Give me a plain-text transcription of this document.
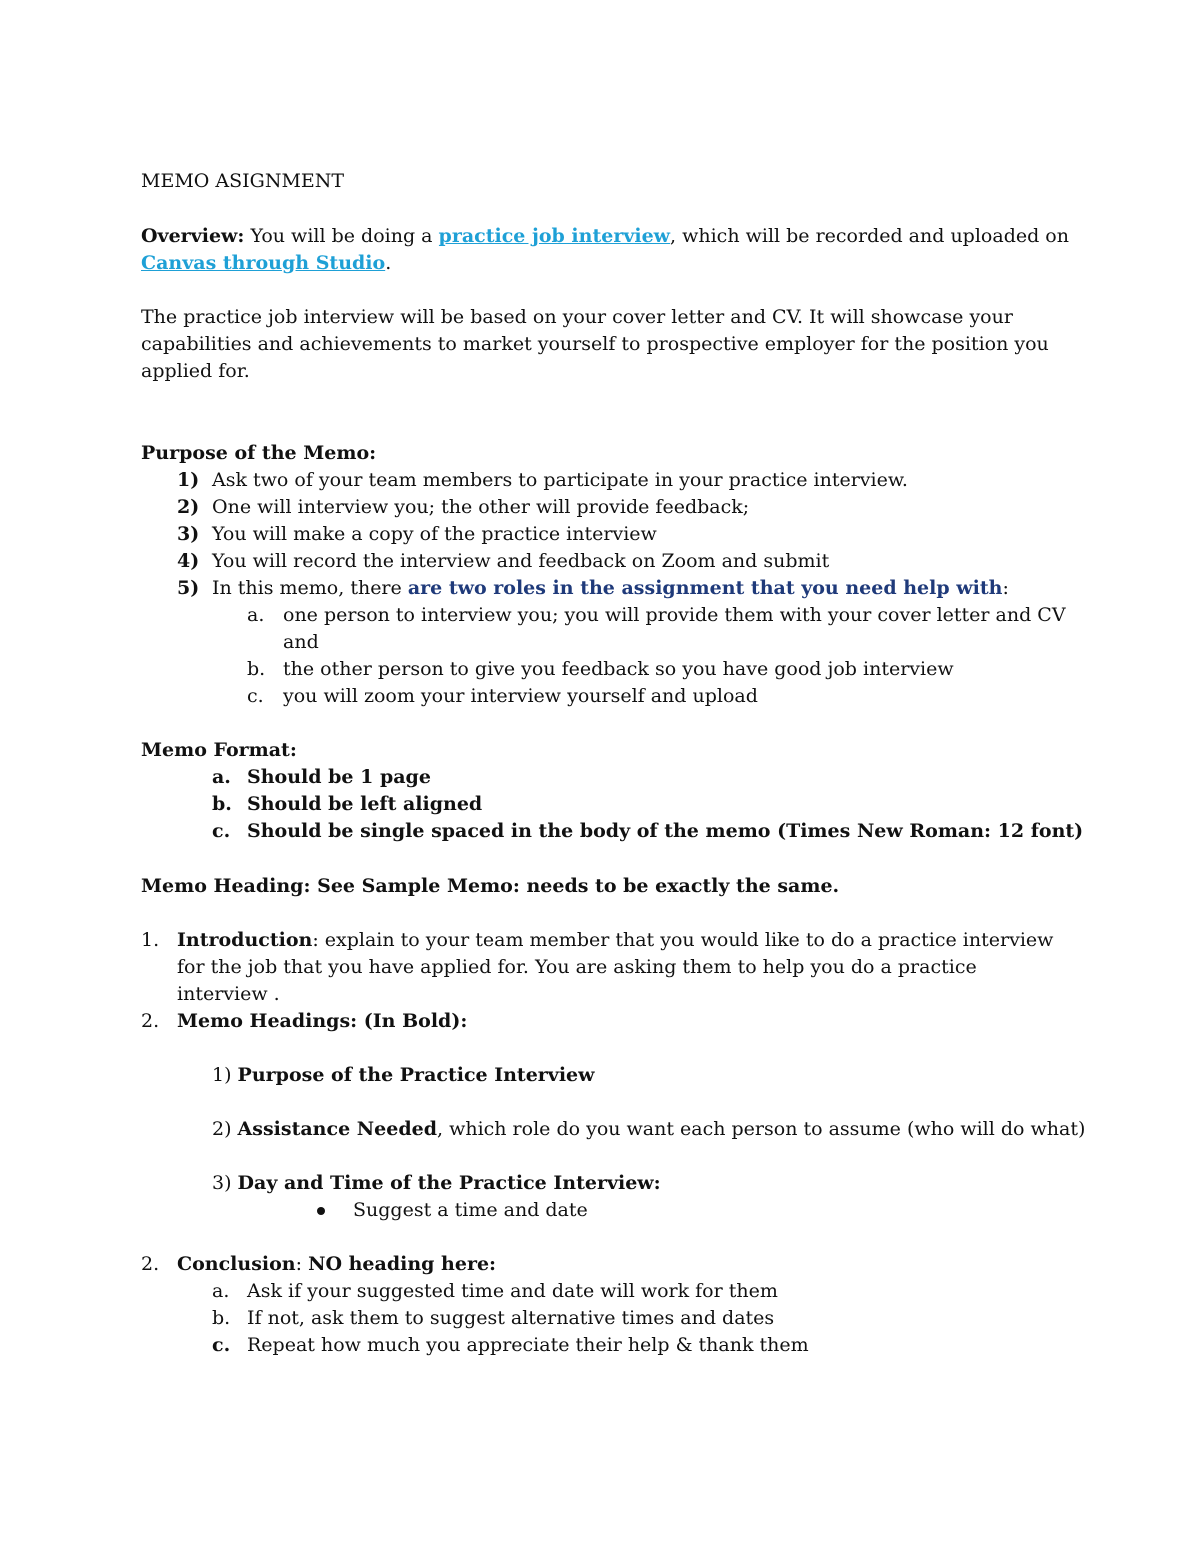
MEMO ASIGNMENT
Overview: You will be doing a practice job interview, which will be recorded and uploaded on
Canvas through Studio.
The practice job interview will be based on your cover letter and CV. It will showcase your
capabilities and achievements to market yourself to prospective employer for the position you
applied for.
Purpose of the Memo:
1) Ask two of your team members to participate in your practice interview.
2) One will interview you; the other will provide feedback;
3) You will make a copy of the practice interview
4) You will record the interview and feedback on Zoom and submit
5) In this memo, there are two roles in the assignment that you need help with:
a. one person to interview you; you will provide them with your cover letter and CV
and
b. the other person to give you feedback so you have good job interview
c. you will zoom your interview yourself and upload
Memo Format:
a. Should be 1 page
b. Should be left aligned
c. Should be single spaced in the body of the memo (Times New Roman: 12 font)
Memo Heading: See Sample Memo: needs to be exactly the same.
1. Introduction: explain to your team member that you would like to do a practice interview
for the job that you have applied for. You are asking them to help you do a practice
interview .
2. Memo Headings: (In Bold):
1) Purpose of the Practice Interview
2) Assistance Needed, which role do you want each person to assume (who will do what)
3) Day and Time of the Practice Interview:
Suggest a time and date
2. Conclusion: NO heading here:
a. Ask if your suggested time and date will work for them
b. If not, ask them to suggest alternative times and dates
c. Repeat how much you appreciate their help & thank them
